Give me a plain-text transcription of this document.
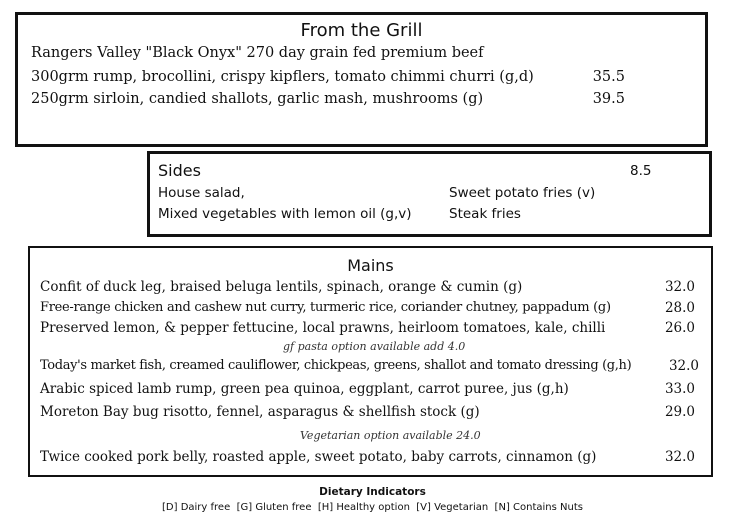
From the Grill
Rangers Valley "Black Onyx" 270 day grain fed premium beef
300grm rump, brocollini, crispy kipflers, tomato chimmi churri (g,d)	35.5
250grm sirloin, candied shallots, garlic mash, mushrooms (g)	39.5
Sides	8.5
House salad,
Mixed vegetables with lemon oil (g,v)
Sweet potato fries (v)
Steak fries
Mains
Confit of duck leg, braised beluga lentils, spinach, orange & cumin (g)	32.0
Free-range chicken and cashew nut curry, turmeric rice, coriander chutney, pappadum (g)	28.0
Preserved lemon, & pepper fettucine, local prawns, heirloom tomatoes, kale, chilli	26.0
gf pasta option available add 4.0
Today's market fish, creamed cauliflower, chickpeas, greens, shallot and tomato dressing (g,h)	32.0
Arabic spiced lamb rump, green pea quinoa, eggplant, carrot puree, jus (g,h)	33.0
Moreton Bay bug risotto, fennel, asparagus & shellfish stock (g)	29.0
Vegetarian option available 24.0
Twice cooked pork belly, roasted apple, sweet potato, baby carrots, cinnamon (g)	32.0
Dietary Indicators
[D] Dairy free  [G] Gluten free  [H] Healthy option  [V] Vegetarian  [N] Contains Nuts
